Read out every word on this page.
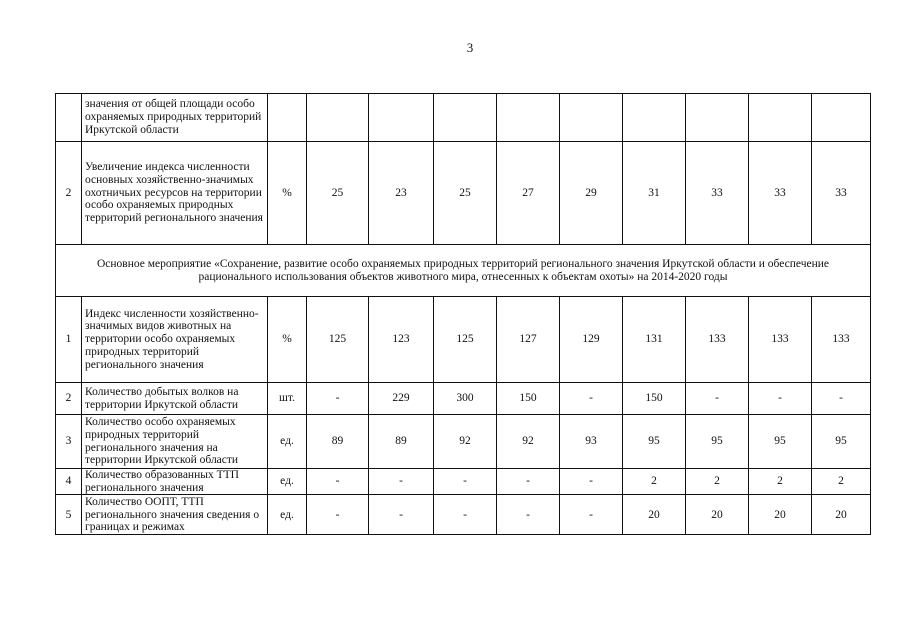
3
	значения от общей площади особо охраняемых природных территорий Иркутской области										
2	Увеличение индекса численности основных хозяйственно-значимых охотничьих ресурсов на территории особо охраняемых природных территорий регионального значения	%	25	23	25	27	29	31	33	33	33
Основное мероприятие «Сохранение, развитие особо охраняемых природных территорий регионального значения Иркутской области и обеспечение рационального использования объектов животного мира, отнесенных к объектам охоты» на 2014-2020 годы											
1	Индекс численности хозяйственно-значимых видов животных на территории особо охраняемых природных территорий регионального значения	%	125	123	125	127	129	131	133	133	133
2	Количество добытых волков на территории Иркутской области	шт.	-	229	300	150	-	150	-	-	-
3	Количество особо охраняемых природных территорий регионального значения на территории Иркутской области	ед.	89	89	92	92	93	95	95	95	95
4	Количество образованных ТТП регионального значения	ед.	-	-	-	-	-	2	2	2	2
5	Количество ООПТ, ТТП регионального значения сведения о границах и режимах	ед.	-	-	-	-	-	20	20	20	20
